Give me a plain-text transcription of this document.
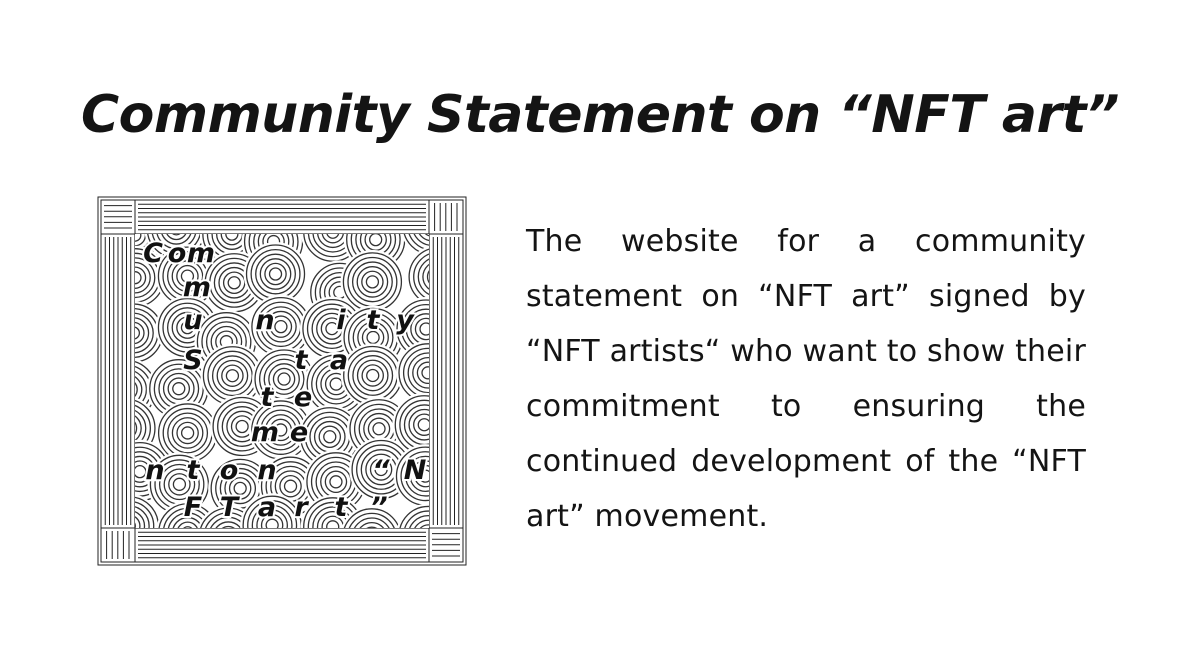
Community Statement on “NFT art”
C o m
m
u n i t y
S	t a
t e
m e
n t o n	“ N
F T a r t ”

The website for a community statement on “NFT art” signed by “NFT artists“ who want to show their commitment to ensuring the continued development of the “NFT art” movement.
